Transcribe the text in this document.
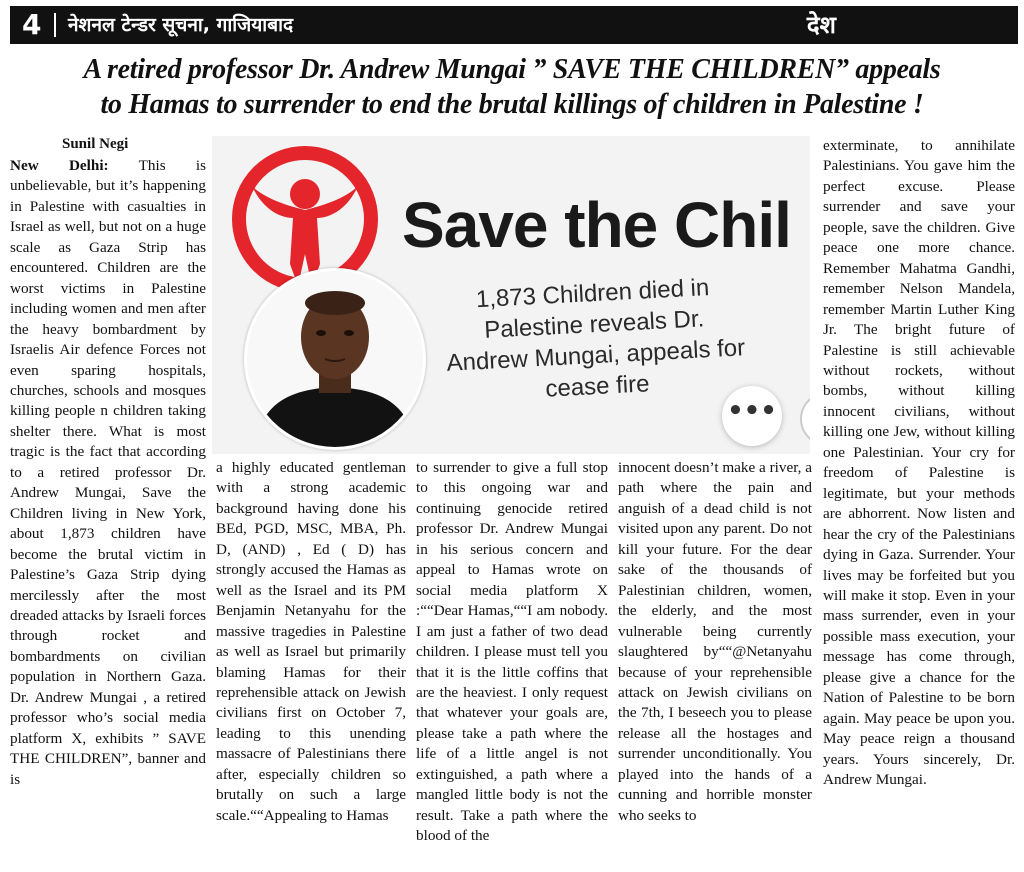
4 नेशनल टेन्डर सूचना, गाजियाबाद	देश
A retired professor Dr. Andrew Mungai ” SAVE THE CHILDREN” appeals
to Hamas to surrender to end the brutal killings of children in Palestine !
Sunil Negi

New Delhi: This is unbelievable, but it’s happening in Palestine with casualties in Israel as well, but not on a huge scale as Gaza Strip has encountered. Children are the worst victims in Palestine including women and men after the heavy bombardment by Israelis Air defence Forces not even sparing hospitals, churches, schools and mosques killing people n children taking shelter there. What is most tragic is the fact that according to a retired professor Dr. Andrew Mungai, Save the Children living in New York, about 1,873 children have become the brutal victim in Palestine’s Gaza Strip dying mercilessly after the most dreaded attacks by Israeli forces through rocket and bombardments on civilian population in Northern Gaza. Dr. Andrew Mungai , a retired professor who’s social media platform X, exhibits ” SAVE THE CHILDREN”, banner and is

Save the Chil
1,873 Children died in Palestine reveals Dr. Andrew Mungai, appeals for cease fire
•••

a highly educated gentleman with a strong academic background having done his BEd, PGD, MSC, MBA, Ph. D, (AND) , Ed ( D) has strongly accused the Hamas as well as the Israel and its PM Benjamin Netanyahu for the massive tragedies in Palestine as well as Israel but primarily blaming Hamas for their reprehensible attack on Jewish civilians first on October 7, leading to this unending massacre of Palestinians there after, especially children so brutally on such a large scale.““Appealing to Hamas

to surrender to give a full stop to this ongoing war and continuing genocide retired professor Dr. Andrew Mungai in his serious concern and appeal to Hamas wrote on social media platform X :““Dear Hamas,““I am nobody. I am just a father of two dead children. I please must tell you that it is the little coffins that are the heaviest. I only request that whatever your goals are, please take a path where the life of a little angel is not extinguished, a path where a mangled little body is not the result. Take a path where the blood of the

innocent doesn’t make a river, a path where the pain and anguish of a dead child is not visited upon any parent. Do not kill your future. For the dear sake of the thousands of Palestinian children, women, the elderly, and the most vulnerable being currently slaughtered by““@Netanyahu because of your reprehensible attack on Jewish civilians on the 7th, I beseech you to please release all the hostages and surrender unconditionally. You played into the hands of a cunning and horrible monster who seeks to

exterminate, to annihilate Palestinians. You gave him the perfect excuse. Please surrender and save your people, save the children. Give peace one more chance. Remember Mahatma Gandhi, remember Nelson Mandela, remember Martin Luther King Jr. The bright future of Palestine is still achievable without rockets, without bombs, without killing innocent civilians, without killing one Jew, without killing one Palestinian. Your cry for freedom of Palestine is legitimate, but your methods are abhorrent. Now listen and hear the cry of the Palestinians dying in Gaza. Surrender. Your lives may be forfeited but you will make it stop. Even in your mass surrender, even in your possible mass execution, your message has come through, please give a chance for the Nation of Palestine to be born again. May peace be upon you. May peace reign a thousand years. Yours sincerely, Dr. Andrew Mungai.
